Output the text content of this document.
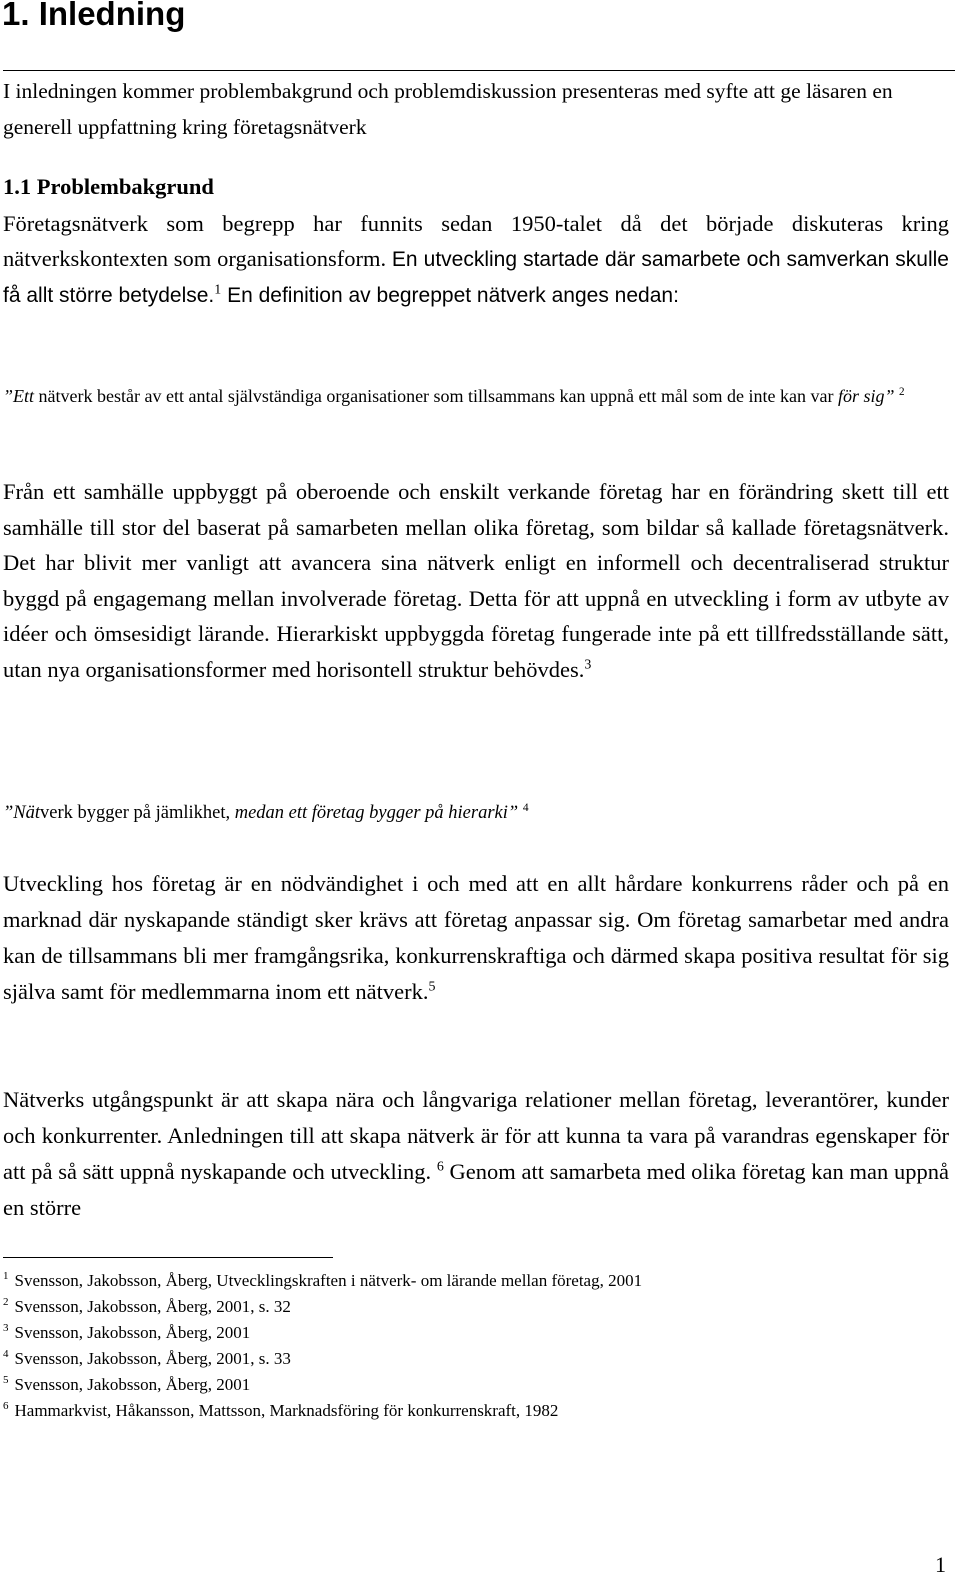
1. Inledning
I inledningen kommer problembakgrund och problemdiskussion presenteras med syfte att ge läsaren en generell uppfattning kring företagsnätverk
1.1 Problembakgrund
Företagsnätverk som begrepp har funnits sedan 1950-talet då det började diskuteras kring nätverkskontexten som organisationsform. En utveckling startade där samarbete och samverkan skulle få allt större betydelse.$^1$ En definition av begreppet nätverk anges nedan:
”Ett nätverk består av ett antal självständiga organisationer som tillsammans kan uppnå ett mål som de inte kan var för sig” $^2$
Från ett samhälle uppbyggt på oberoende och enskilt verkande företag har en förändring skett till ett samhälle till stor del baserat på samarbeten mellan olika företag, som bildar så kallade företagsnätverk. Det har blivit mer vanligt att avancera sina nätverk enligt en informell och decentraliserad struktur byggd på engagemang mellan involverade företag. Detta för att uppnå en utveckling i form av utbyte av idéer och ömsesidigt lärande. Hierarkiskt uppbyggda företag fungerade inte på ett tillfredsställande sätt, utan nya organisationsformer med horisontell struktur behövdes.$^3$
”Nätverk bygger på jämlikhet, medan ett företag bygger på hierarki” $^4$
Utveckling hos företag är en nödvändighet i och med att en allt hårdare konkurrens råder och på en marknad där nyskapande ständigt sker krävs att företag anpassar sig. Om företag samarbetar med andra kan de tillsammans bli mer framgångsrika, konkurrenskraftiga och därmed skapa positiva resultat för sig själva samt för medlemmarna inom ett nätverk.$^5$
Nätverks utgångspunkt är att skapa nära och långvariga relationer mellan företag, leverantörer, kunder och konkurrenter. Anledningen till att skapa nätverk är för att kunna ta vara på varandras egenskaper för att på så sätt uppnå nyskapande och utveckling. $^6$ Genom att samarbeta med olika företag kan man uppnå en större
$^1$ Svensson, Jakobsson, Åberg, Utvecklingskraften i nätverk- om lärande mellan företag, 2001
$^2$ Svensson, Jakobsson, Åberg, 2001, s. 32
$^3$ Svensson, Jakobsson, Åberg, 2001
$^4$ Svensson, Jakobsson, Åberg, 2001, s. 33
$^5$ Svensson, Jakobsson, Åberg, 2001
$^6$ Hammarkvist, Håkansson, Mattsson, Marknadsföring för konkurrenskraft, 1982
1
